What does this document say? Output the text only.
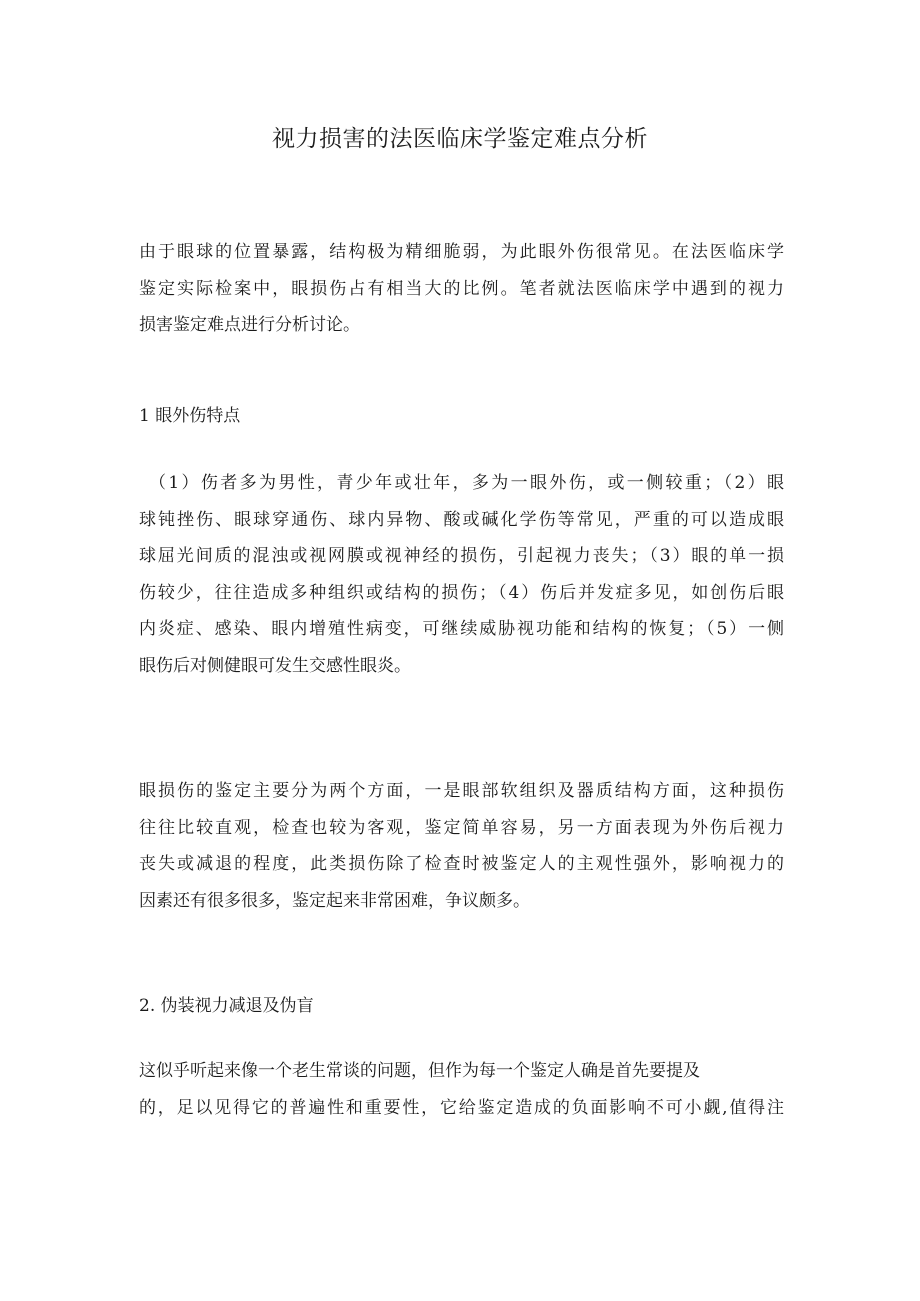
视力损害的法医临床学鉴定难点分析
由于眼球的位置暴露，结构极为精细脆弱，为此眼外伤很常见。在法医临床学
鉴定实际检案中，眼损伤占有相当大的比例。笔者就法医临床学中遇到的视力
损害鉴定难点进行分析讨论。
1 眼外伤特点
（1）伤者多为男性，青少年或壮年，多为一眼外伤，或一侧较重；（2）眼
球钝挫伤、眼球穿通伤、球内异物、酸或碱化学伤等常见，严重的可以造成眼
球屈光间质的混浊或视网膜或视神经的损伤，引起视力丧失；（3）眼的单一损
伤较少，往往造成多种组织或结构的损伤；（4）伤后并发症多见，如创伤后眼
内炎症、感染、眼内增殖性病变，可继续威胁视功能和结构的恢复；（5）一侧
眼伤后对侧健眼可发生交感性眼炎。
眼损伤的鉴定主要分为两个方面，一是眼部软组织及器质结构方面，这种损伤
往往比较直观，检查也较为客观，鉴定简单容易，另一方面表现为外伤后视力
丧失或减退的程度，此类损伤除了检查时被鉴定人的主观性强外，影响视力的
因素还有很多很多，鉴定起来非常困难，争议颇多。
2. 伪装视力减退及伪盲
这似乎听起来像一个老生常谈的问题，但作为每一个鉴定人确是首先要提及
的，足以见得它的普遍性和重要性，它给鉴定造成的负面影响不可小觑,值得注
